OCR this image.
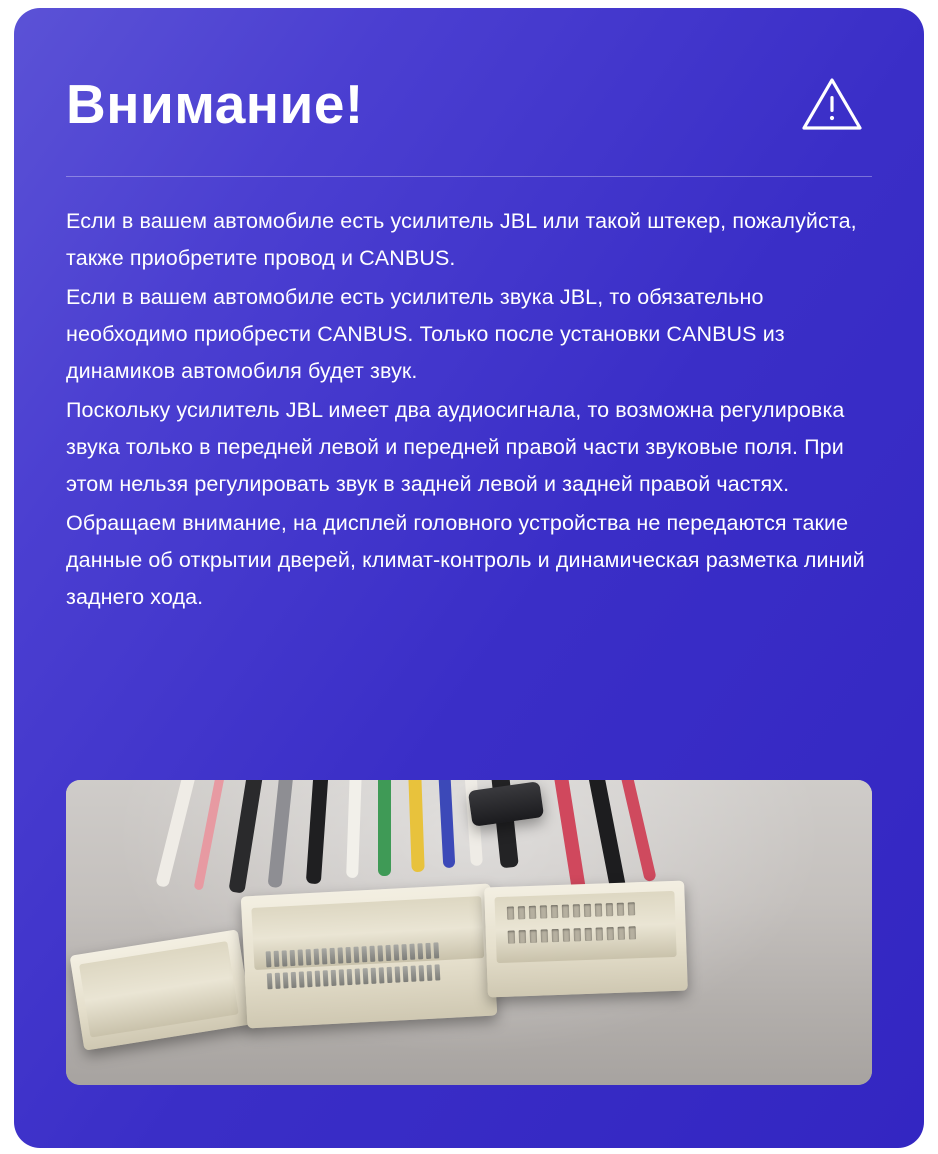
Внимание!

Если в вашем автомобиле есть усилитель JBL или такой штекер, пожалуйста, также приобретите провод и CANBUS.

Если в вашем автомобиле есть усилитель звука JBL, то обязательно необходимо приобрести CANBUS. Только после установки CANBUS из динамиков автомобиля будет звук.

Поскольку усилитель JBL имеет два аудиосигнала, то возможна регулировка звука только в передней левой и передней правой части звуковые поля. При этом нельзя регулировать звук в задней левой и задней правой частях.

Обращаем внимание, на дисплей головного устройства не передаются такие данные об открытии дверей, климат-контроль и динамическая разметка линий заднего хода.
